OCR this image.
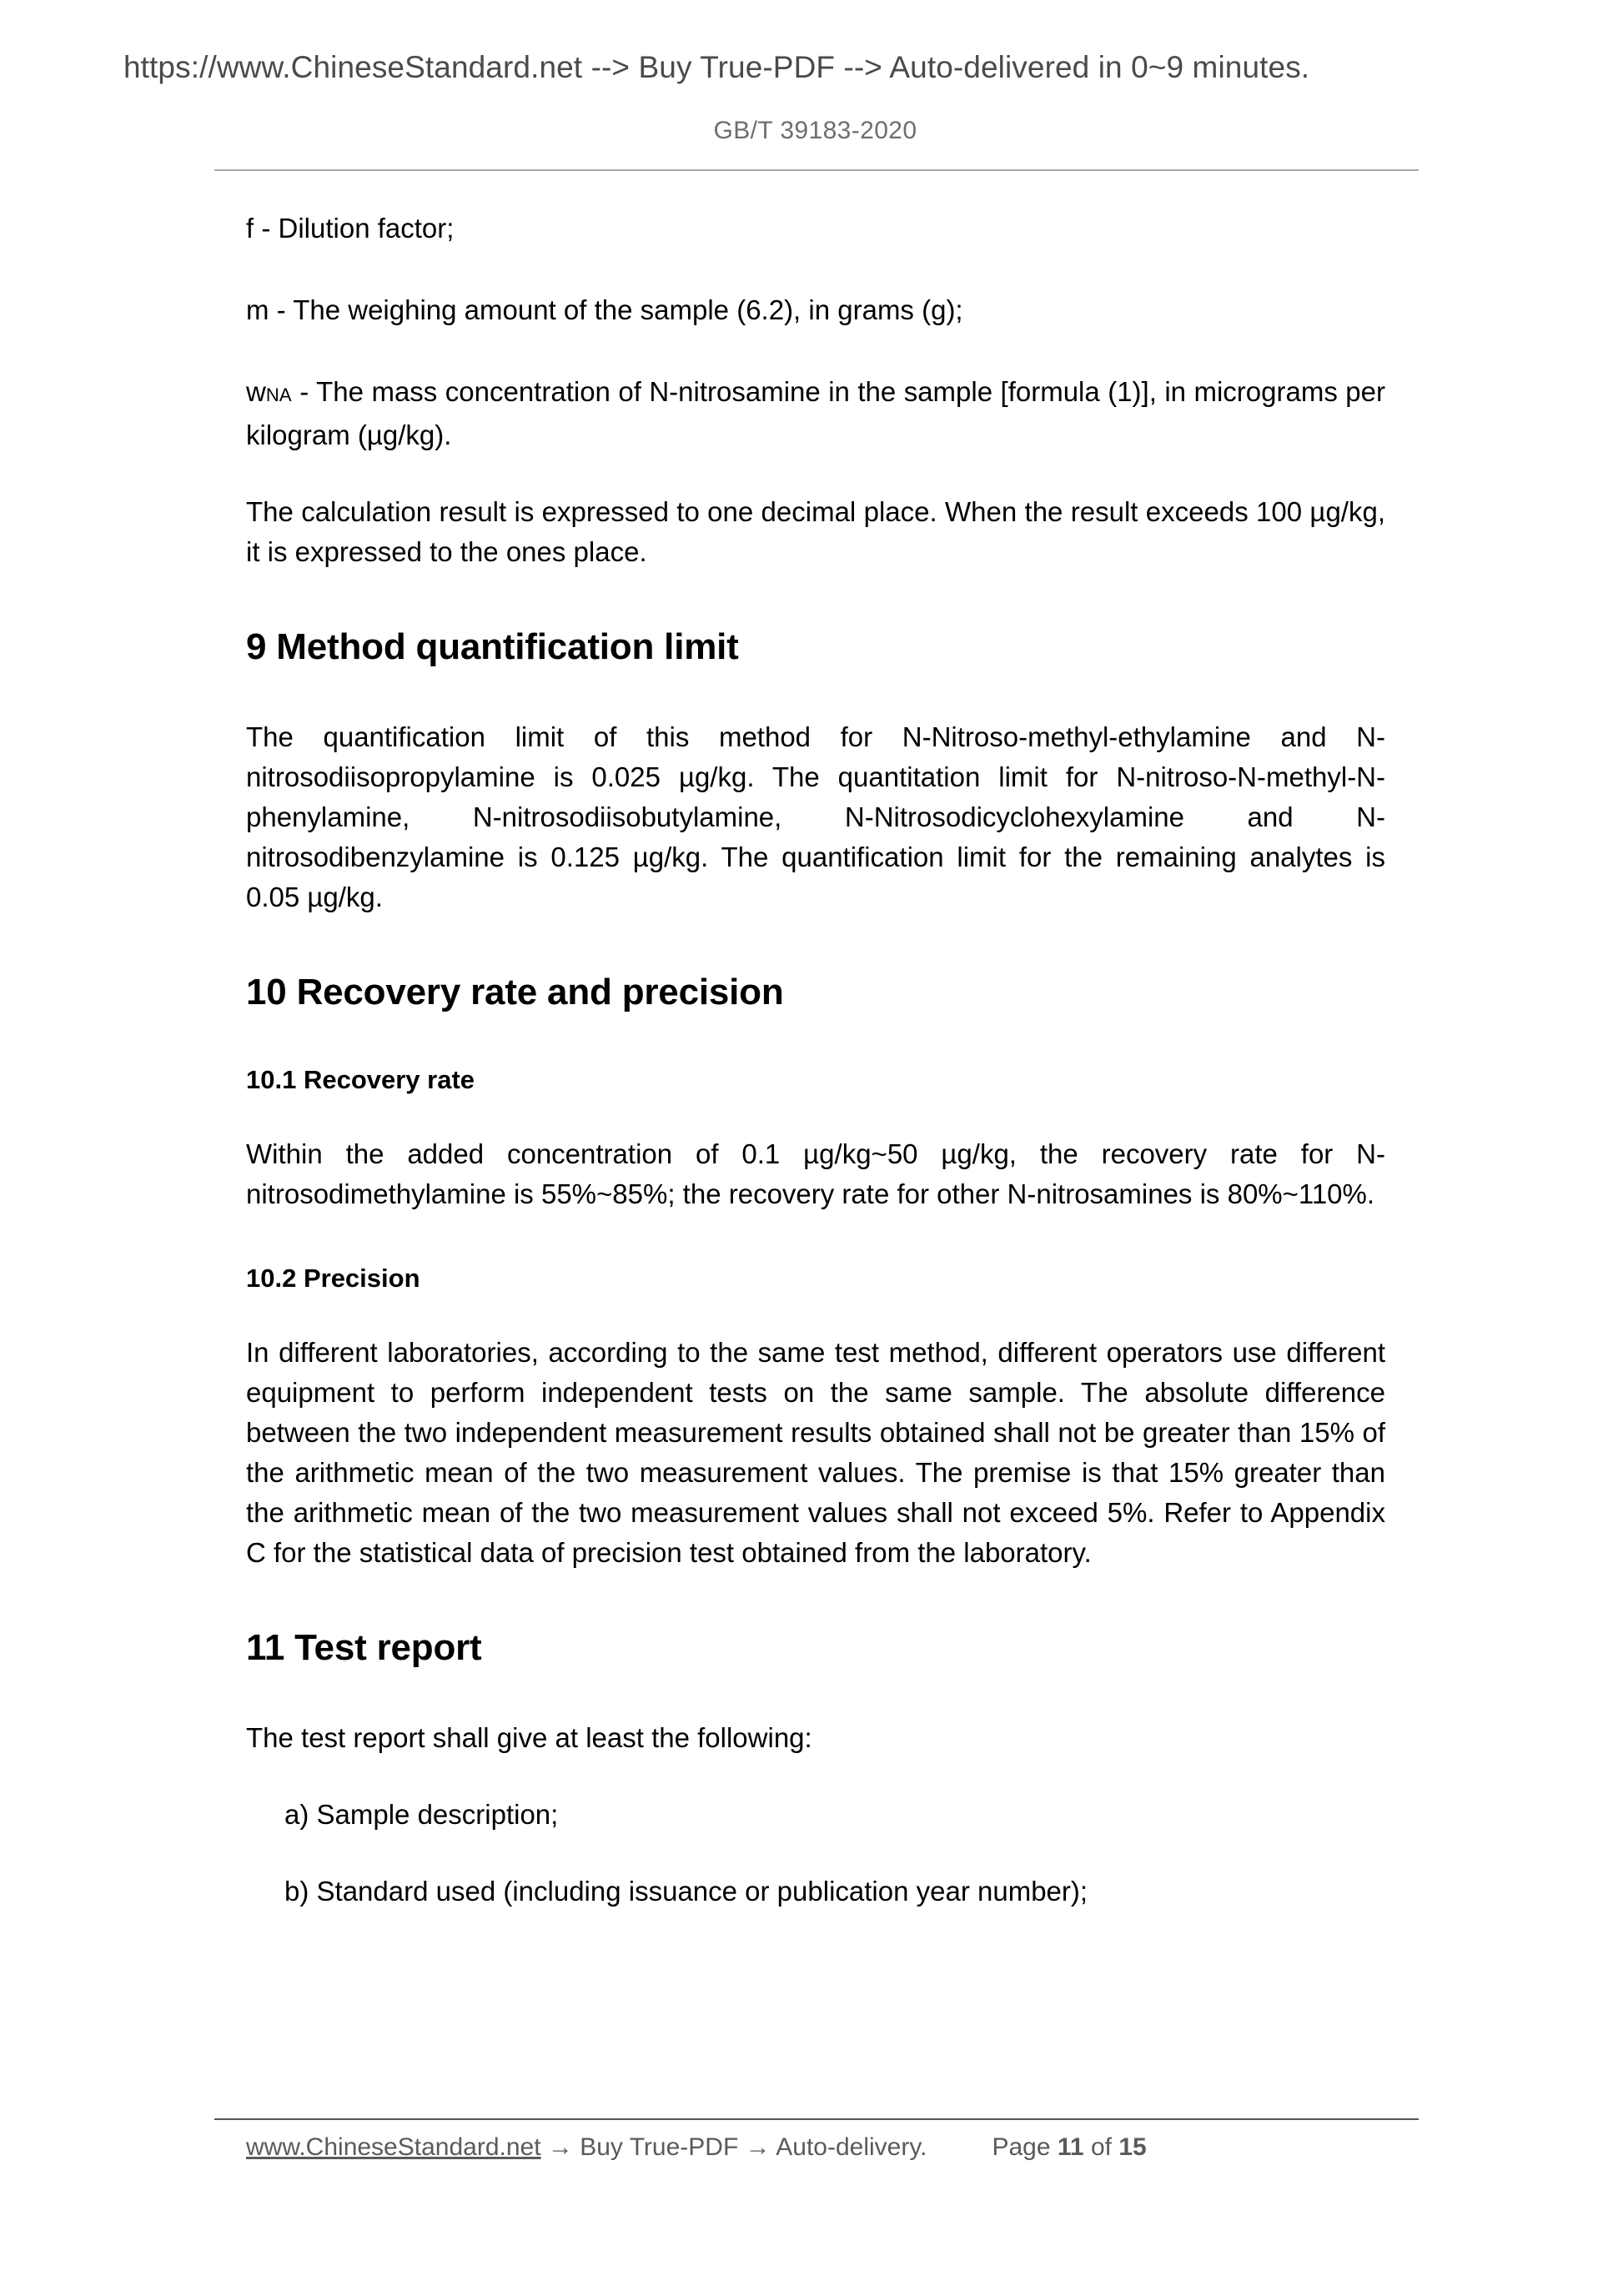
https://www.ChineseStandard.net --> Buy True-PDF --> Auto-delivered in 0~9 minutes.
GB/T 39183-2020

f - Dilution factor;

m - The weighing amount of the sample (6.2), in grams (g);

wNA - The mass concentration of N-nitrosamine in the sample [formula (1)], in micrograms per kilogram (µg/kg).

The calculation result is expressed to one decimal place. When the result exceeds 100 µg/kg, it is expressed to the ones place.

9 Method quantification limit

The quantification limit of this method for N-Nitroso-methyl-ethylamine and N-nitrosodiisopropylamine is 0.025 µg/kg. The quantitation limit for N-nitroso-N-methyl-N-phenylamine, N-nitrosodiisobutylamine, N-Nitrosodicyclohexylamine and N-nitrosodibenzylamine is 0.125 µg/kg. The quantification limit for the remaining analytes is 0.05 µg/kg.

10 Recovery rate and precision
10.1 Recovery rate

Within the added concentration of 0.1 µg/kg~50 µg/kg, the recovery rate for N-nitrosodimethylamine is 55%~85%; the recovery rate for other N-nitrosamines is 80%~110%.

10.2 Precision

In different laboratories, according to the same test method, different operators use different equipment to perform independent tests on the same sample. The absolute difference between the two independent measurement results obtained shall not be greater than 15% of the arithmetic mean of the two measurement values. The premise is that 15% greater than the arithmetic mean of the two measurement values shall not exceed 5%. Refer to Appendix C for the statistical data of precision test obtained from the laboratory.

11 Test report

The test report shall give at least the following:

a) Sample description;

b) Standard used (including issuance or publication year number);

www.ChineseStandard.net → Buy True-PDF → Auto-delivery.	Page 11 of 15
